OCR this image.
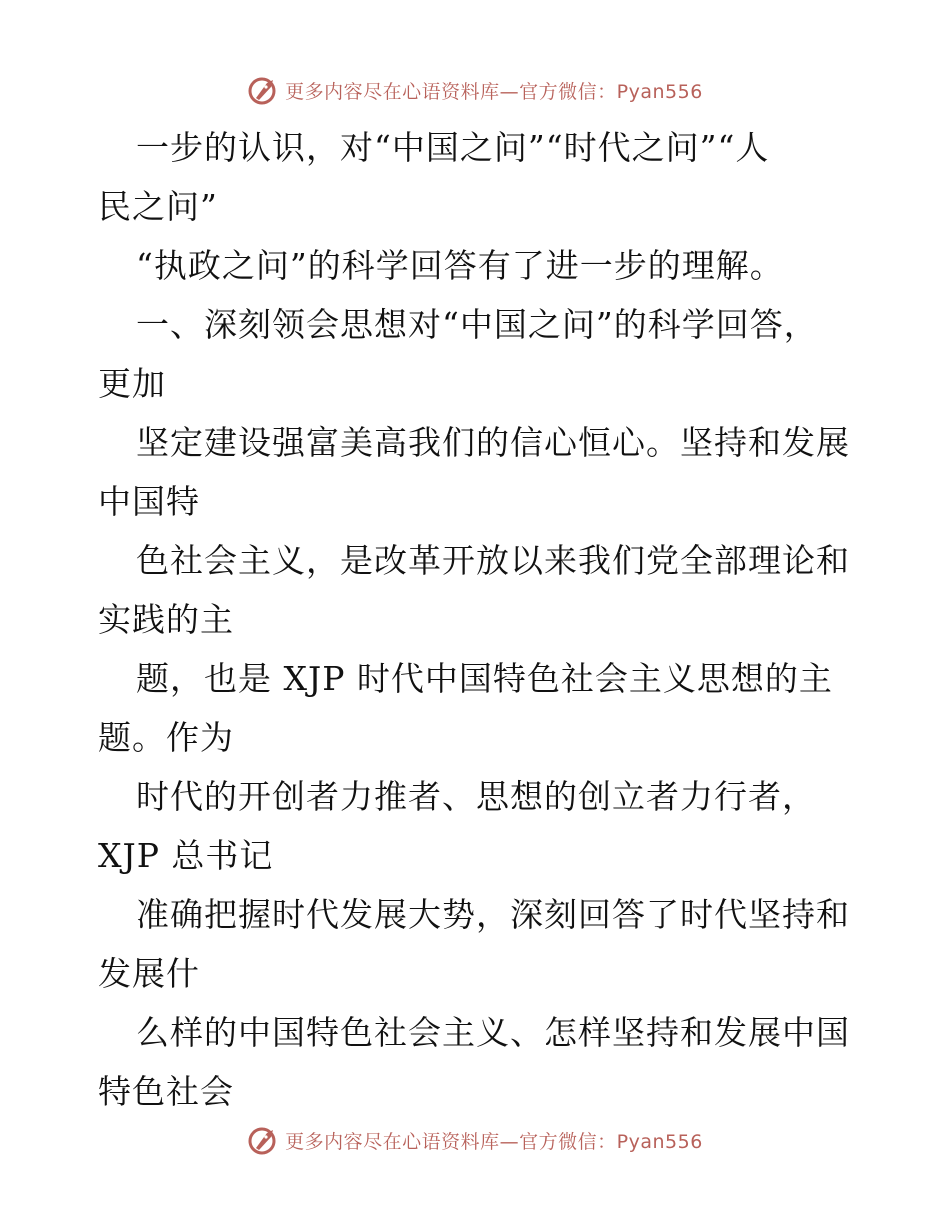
更多内容尽在心语资料库—官方微信：Pyan556
一步的认识，对“中国之问”“时代之问”“人
民之问”
“执政之问”的科学回答有了进一步的理解。
一、深刻领会思想对“中国之问”的科学回答，
更加
坚定建设强富美高我们的信心恒心。坚持和发展
中国特
色社会主义，是改革开放以来我们党全部理论和
实践的主
题，也是 XJP 时代中国特色社会主义思想的主
题。作为
时代的开创者力推者、思想的创立者力行者，
XJP 总书记
准确把握时代发展大势，深刻回答了时代坚持和
发展什
么样的中国特色社会主义、怎样坚持和发展中国
特色社会
更多内容尽在心语资料库—官方微信：Pyan556
